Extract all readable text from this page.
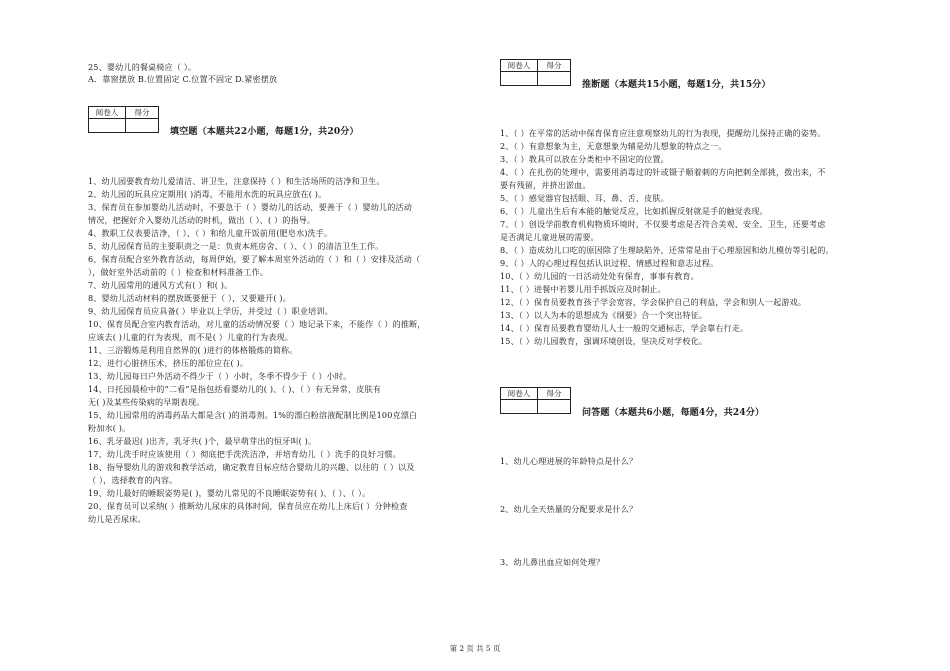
25、婴幼儿的餐桌椅应（ ）。
A．靠窗摆放 B.位置固定 C.位置不固定 D.紧密摆放
阅卷人	得分

填空题（本题共22小题，每题1分，共20分）
1、幼儿园要教育幼儿爱清洁、讲卫生，注意保持（ ）和生活场所的洁净和卫生。
2、幼儿园的玩具应定期用( )消毒，不能用水洗的玩具应放在( )。
3、保育员在参加婴幼儿活动时，不要急于（ ）婴幼儿的活动，要善于（ ）婴幼儿的活动
情况，把握好介入婴幼儿活动的时机，做出（ ）、( ）的指导。
4、教职工仪表要洁净，（ ）、（ ）和给儿童开饭前用(肥皂水)洗手。
5、幼儿园保育员的主要职责之一是：负责本班房舍、（ ）、（ ）的清洁卫生工作。
6、保育员配合室外教育活动，每周伊始，要了解本周室外活动的（ ）和（ ）安排及活动（
），做好室外活动前的（ ）检查和材料准备工作。
7、幼儿园常用的通风方式有( ）和( )。
8、婴幼儿活动材料的摆放既要便于（ ），又要避开( )。
9、幼儿园保育员应具备( ）毕业以上学历，并受过（ ）职业培训。
10、保育员配合室内教育活动，对儿童的活动情况要（ ）地记录下来，不能作（ ）的推断，
应该去( )儿童的行为表现，而不是( ）儿童的行为表现。
11、三浴锻炼是利用自然界的( )进行的体格锻炼的简称。
12、进行心脏挤压术，挤压的部位应在( )。
13、幼儿园每日户外活动不得少于（ ）小时，冬季不得少于（ ）小时。
14、日托园晨检中的“二看”是指包括看婴幼儿的( )、（ )、（ ）有无异常，皮肤有
无( )及某些传染病的早期表现。
15、幼儿园常用的消毒药品大都是含( )的消毒剂。1%的漂白粉溶液配制比例是100克漂白
粉加水( )。
16、乳牙最迟( )出齐，乳牙共( )个，最早萌芽出的恒牙叫( )。
17、幼儿洗手时应该使用（ ）彻底把手洗洗洁净，并培育幼儿（ ）洗手的良好习惯。
18、指导婴幼儿的游戏和教学活动，确定教育目标应结合婴幼儿的兴趣、以往的（ ）以及
（ ），选择教育的内容。
19、幼儿最好的睡眠姿势是( )，婴幼儿常见的不良睡眠姿势有( )、（ ）、（ ）。
20、保育员可以采纳( ）推断幼儿尿床的具体时间，保育员应在幼儿上床后( ）分钟检查
幼儿是否尿床。
阅卷人	得分

推断题（本题共15小题，每题1分，共15分）
1、（ ）在平常的活动中保育保育应注意观察幼儿的行为表现，提醒幼儿保持正确的姿势。
2、（ ）有意想象为主，无意想象为辅是幼儿想象的特点之一。
3、（ ）教具可以放在分类柜中不固定的位置。
4、（ ）在扎伤的处理中，需要用消毒过的针或镊子顺着刺的方向把刺全部挑，拨出来，不
要有残留，并挤出淤血。
5、（ ）感觉器官包括眼、耳、鼻、舌、皮肤。
6、（ ）儿童出生后有本能的触觉反应，比如抓握反射就是手的触觉表现。
7、（ ）创设学前教育机构物质环境时，不仅要考虑是否符合美观、安全、卫生，还要考虑
是否满足儿童进展的需要。
8、（ ）造成幼儿口吃的原因除了生理缺陷外，还常常是由于心理原因和幼儿模仿等引起的。
9、（ ）人的心理过程包括认识过程、情感过程和意志过程。
10、（ ）幼儿园的一日活动处处有保育，事事有教育。
11、（ ）进餐中若婴儿用手抓饭应及时制止。
12、（ ）保育员要教育孩子学会宽容，学会保护自己的利益，学会和别人一起游戏。
13、（ ）以人为本的思想成为《纲要》合一个突出特征。
14、（ ）保育员要教育婴幼儿人士一般的交通标志，学会靠右行走。
15、（ ）幼儿园教育，强调环境创设，坚决反对学校化。
阅卷人	得分

问答题（本题共6小题，每题4分，共24分）
1、幼儿心理进展的年龄特点是什么？
2、幼儿全天热量的分配要求是什么？
3、幼儿鼻出血应如何处理？
第 2 页 共 5 页
